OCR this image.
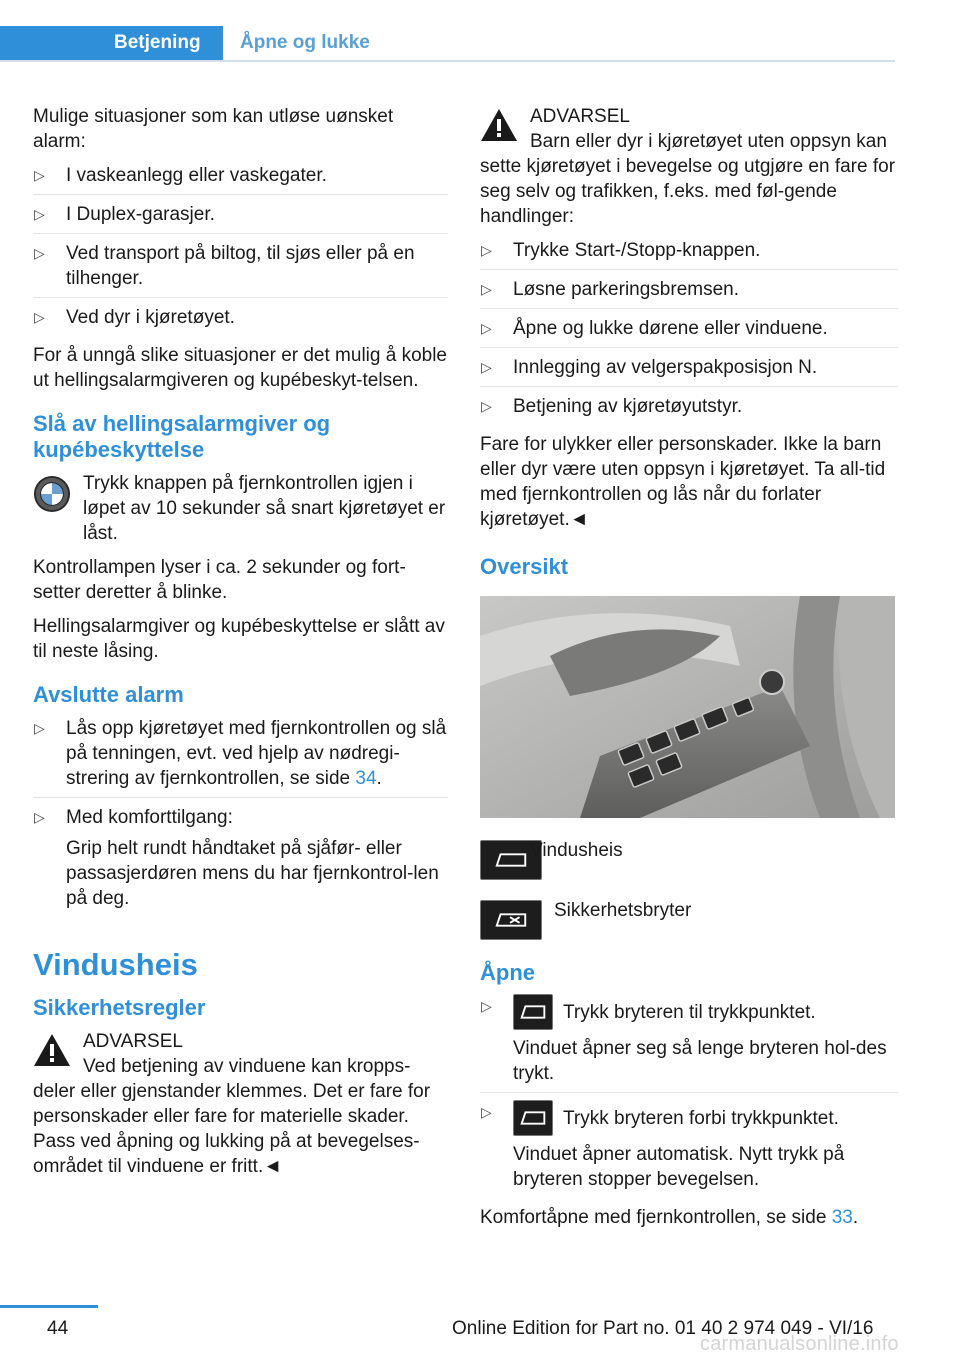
Betjening	Åpne og lukke

Mulige situasjoner som kan utløse uønsket alarm:

▷ I vaskeanlegg eller vaskegater.
▷ I Duplex-garasjer.
▷ Ved transport på biltog, til sjøs eller på en tilhenger.
▷ Ved dyr i kjøretøyet.

For å unngå slike situasjoner er det mulig å koble ut hellingsalarmgiveren og kupébeskyt-telsen.

Slå av hellingsalarmgiver og kupébeskyttelse

Trykk knappen på fjernkontrollen igjen i løpet av 10 sekunder så snart kjøretøyet er låst.

Kontrollampen lyser i ca. 2 sekunder og fort-setter deretter å blinke.

Hellingsalarmgiver og kupébeskyttelse er slått av til neste låsing.

Avslutte alarm
▷ Lås opp kjøretøyet med fjernkontrollen og slå på tenningen, evt. ved hjelp av nødregi-strering av fjernkontrollen, se side 34.
▷ Med komforttilgang:

Grip helt rundt håndtaket på sjåfør- eller passasjerdøren mens du har fjernkontrol-len på deg.

Vindusheis
Sikkerhetsregler
ADVARSEL

Ved betjening av vinduene kan kropps-deler eller gjenstander klemmes. Det er fare for personskader eller fare for materielle skader. Pass ved åpning og lukking på at bevegelses-området til vinduene er fritt.◄

ADVARSEL

Barn eller dyr i kjøretøyet uten oppsyn kan sette kjøretøyet i bevegelse og utgjøre en fare for seg selv og trafikken, f.eks. med føl-gende handlinger:

▷ Trykke Start-/Stopp-knappen.
▷ Løsne parkeringsbremsen.
▷ Åpne og lukke dørene eller vinduene.
▷ Innlegging av velgerspakposisjon N.
▷ Betjening av kjøretøyutstyr.

Fare for ulykker eller personskader. Ikke la barn eller dyr være uten oppsyn i kjøretøyet. Ta all-tid med fjernkontrollen og lås når du forlater kjøretøyet.◄

Oversikt
Vindusheis
Sikkerhetsbryter
Åpne
▷	Trykk bryteren til trykkpunktet.

Vinduet åpner seg så lenge bryteren hol-des trykt.

▷	Trykk bryteren forbi trykkpunktet.

Vinduet åpner automatisk. Nytt trykk på bryteren stopper bevegelsen.

Komfortåpne med fjernkontrollen, se side 33.

44	Online Edition for Part no. 01 40 2 974 049 - VI/16
carmanualsonline.info
